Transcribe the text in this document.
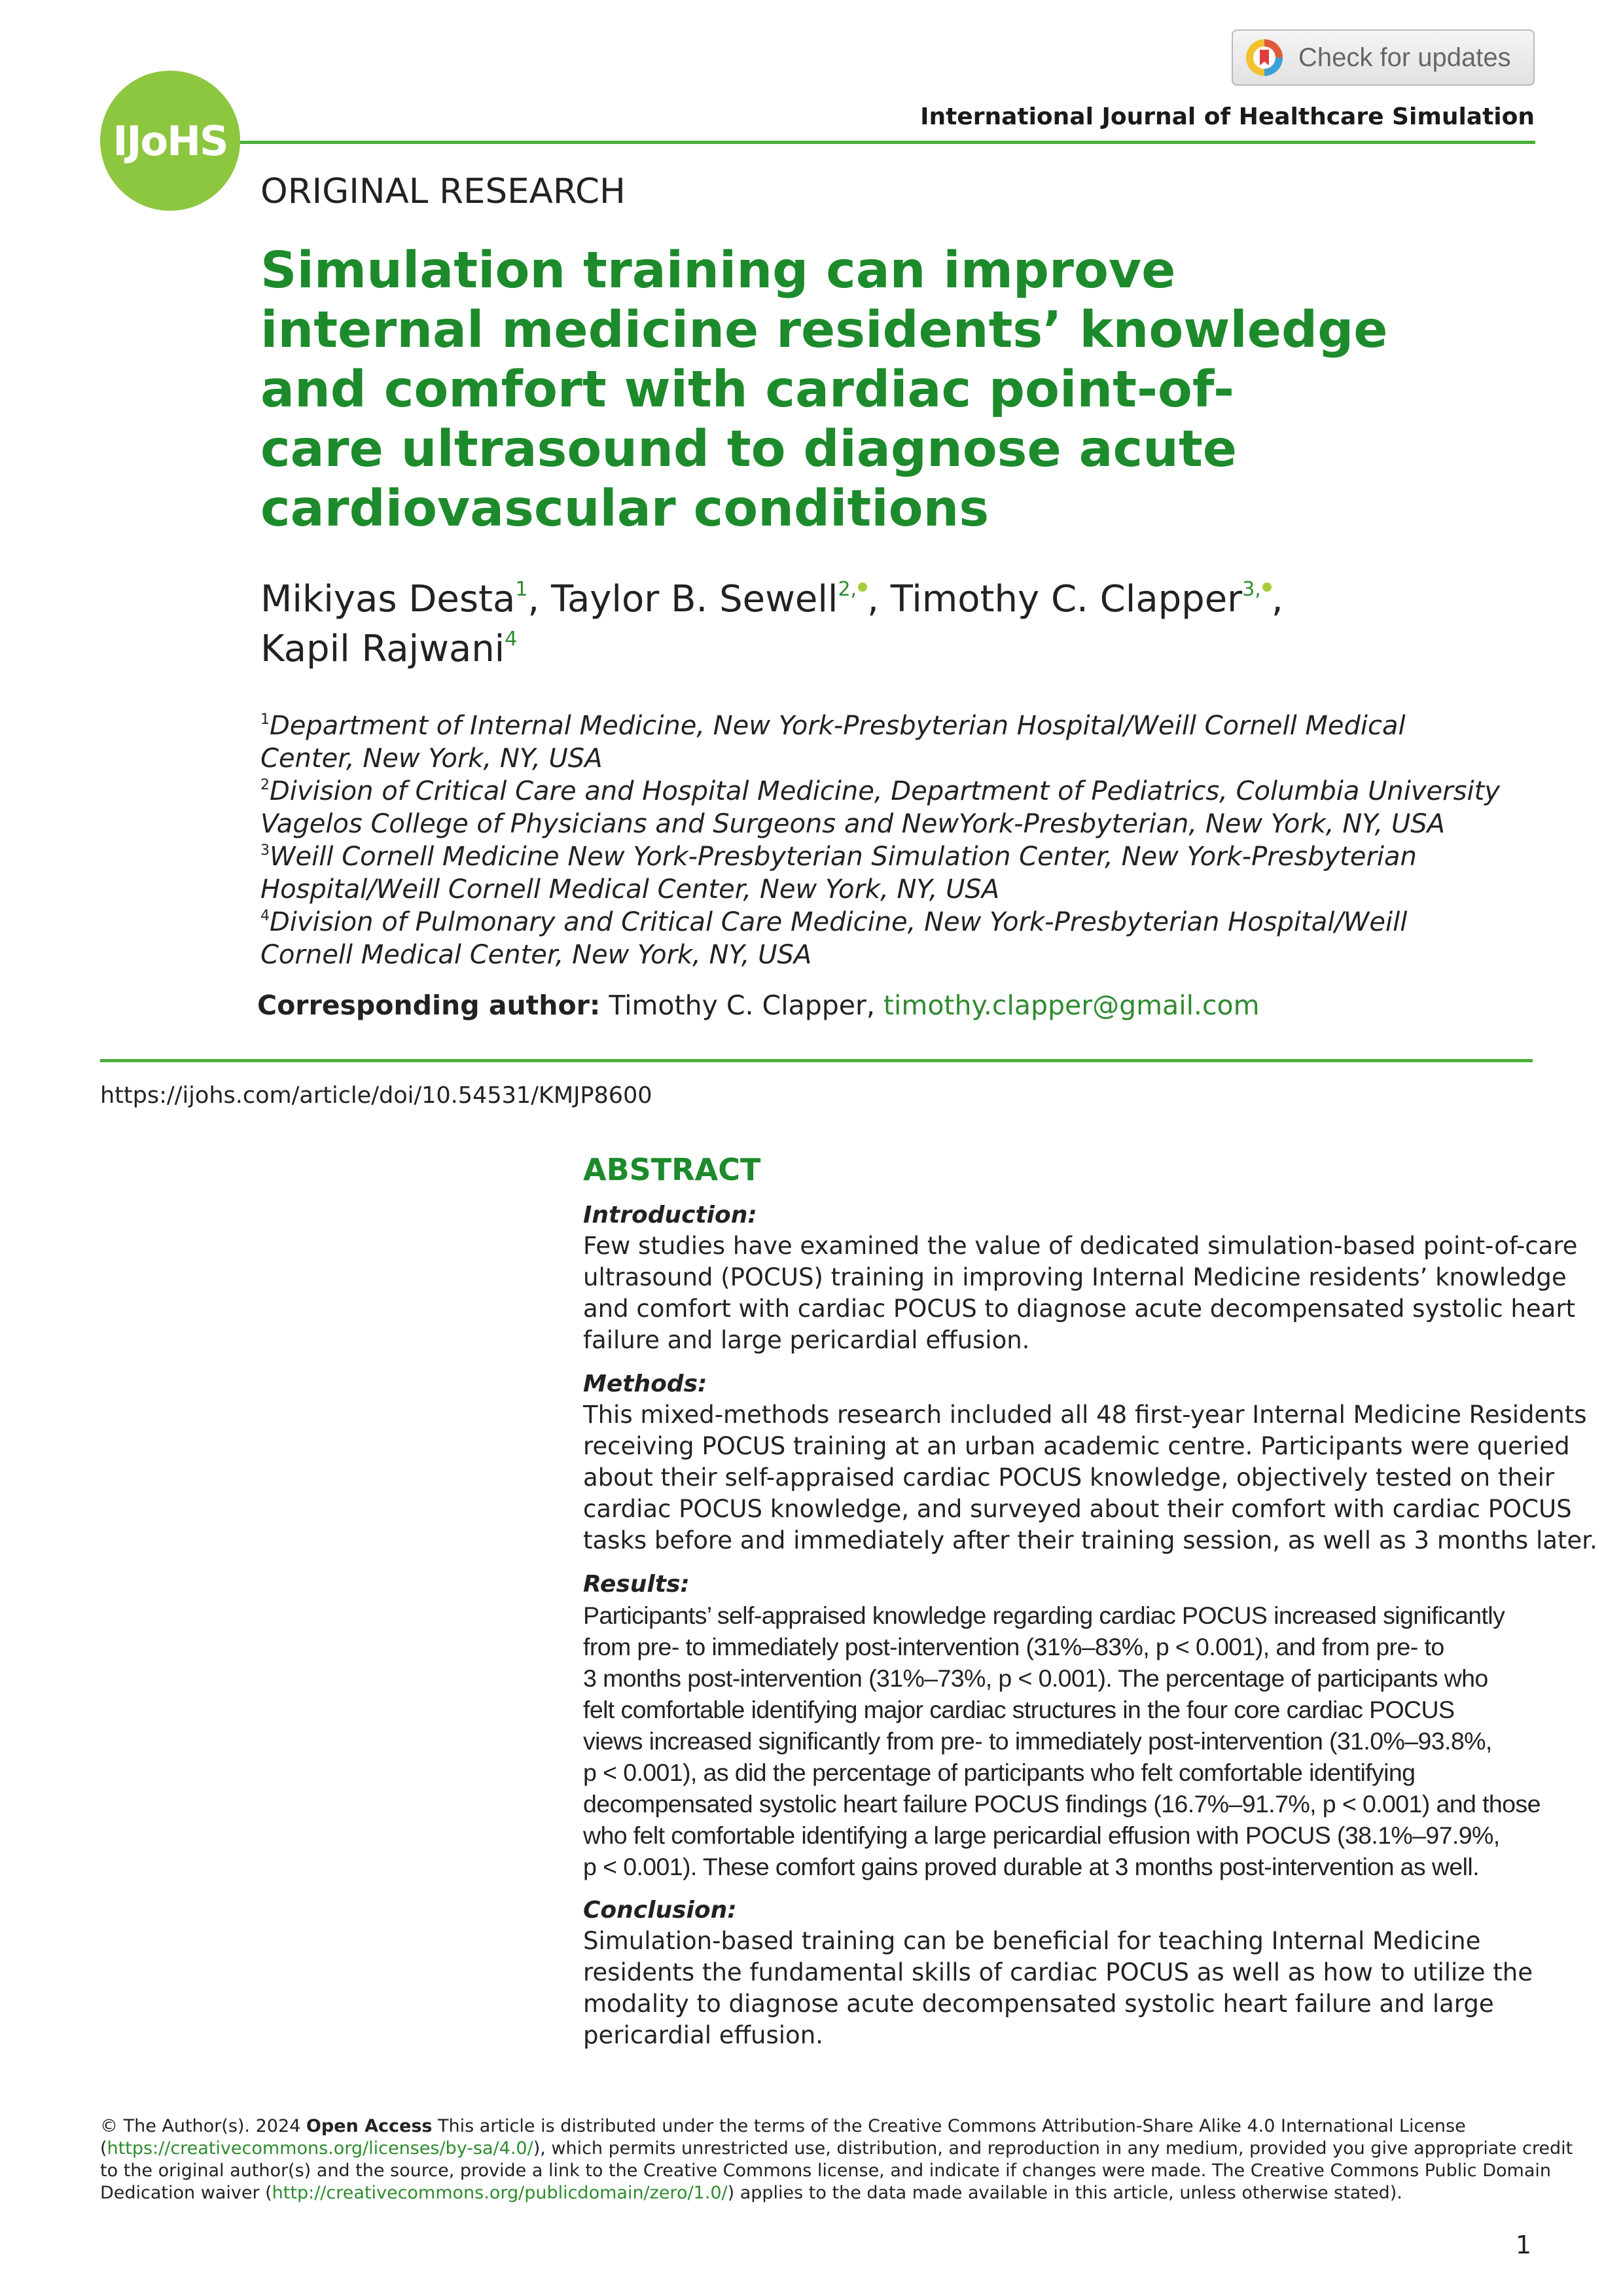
Check for updates
International Journal of Healthcare Simulation
IJoHS
ORIGINAL RESEARCH
Simulation training can improve
internal medicine residents’ knowledge
and comfort with cardiac point-of-
care ultrasound to diagnose acute
cardiovascular conditions
Mikiyas Desta$^1$, Taylor B. Sewell$^{2,}$ , Timothy C. Clapper$^{3,}$ ,
Kapil Rajwani$^4$
$^1$Department of Internal Medicine, New York-Presbyterian Hospital/Weill Cornell Medical
Center, New York, NY, USA
$^2$Division of Critical Care and Hospital Medicine, Department of Pediatrics, Columbia University
Vagelos College of Physicians and Surgeons and NewYork-Presbyterian, New York, NY, USA
$^3$Weill Cornell Medicine New York-Presbyterian Simulation Center, New York-Presbyterian
Hospital/Weill Cornell Medical Center, New York, NY, USA
$^4$Division of Pulmonary and Critical Care Medicine, New York-Presbyterian Hospital/Weill
Cornell Medical Center, New York, NY, USA
Corresponding author: Timothy C. Clapper, timothy.clapper@gmail.com
https://ijohs.com/article/doi/10.54531/KMJP8600
ABSTRACT
Introduction:

Few studies have examined the value of dedicated simulation-based point-of-care
ultrasound (POCUS) training in improving Internal Medicine residents’ knowledge
and comfort with cardiac POCUS to diagnose acute decompensated systolic heart
failure and large pericardial effusion.

Methods:

This mixed-methods research included all 48 first-year Internal Medicine Residents
receiving POCUS training at an urban academic centre. Participants were queried
about their self-appraised cardiac POCUS knowledge, objectively tested on their
cardiac POCUS knowledge, and surveyed about their comfort with cardiac POCUS
tasks before and immediately after their training session, as well as 3 months later.

Results:

Participants’ self-appraised knowledge regarding cardiac POCUS increased significantly
from pre- to immediately post-intervention (31%–83%, p < 0.001), and from pre- to
3 months post-intervention (31%–73%, p < 0.001). The percentage of participants who
felt comfortable identifying major cardiac structures in the four core cardiac POCUS
views increased significantly from pre- to immediately post-intervention (31.0%–93.8%,
p < 0.001), as did the percentage of participants who felt comfortable identifying
decompensated systolic heart failure POCUS findings (16.7%–91.7%, p < 0.001) and those
who felt comfortable identifying a large pericardial effusion with POCUS (38.1%–97.9%,
p < 0.001). These comfort gains proved durable at 3 months post-intervention as well.

Conclusion:

Simulation-based training can be beneficial for teaching Internal Medicine
residents the fundamental skills of cardiac POCUS as well as how to utilize the
modality to diagnose acute decompensated systolic heart failure and large
pericardial effusion.

© The Author(s). 2024 Open Access This article is distributed under the terms of the Creative Commons Attribution-Share Alike 4.0 International License
(https://creativecommons.org/licenses/by-sa/4.0/), which permits unrestricted use, distribution, and reproduction in any medium, provided you give appropriate credit
to the original author(s) and the source, provide a link to the Creative Commons license, and indicate if changes were made. The Creative Commons Public Domain
Dedication waiver (http://creativecommons.org/publicdomain/zero/1.0/) applies to the data made available in this article, unless otherwise stated).
1
